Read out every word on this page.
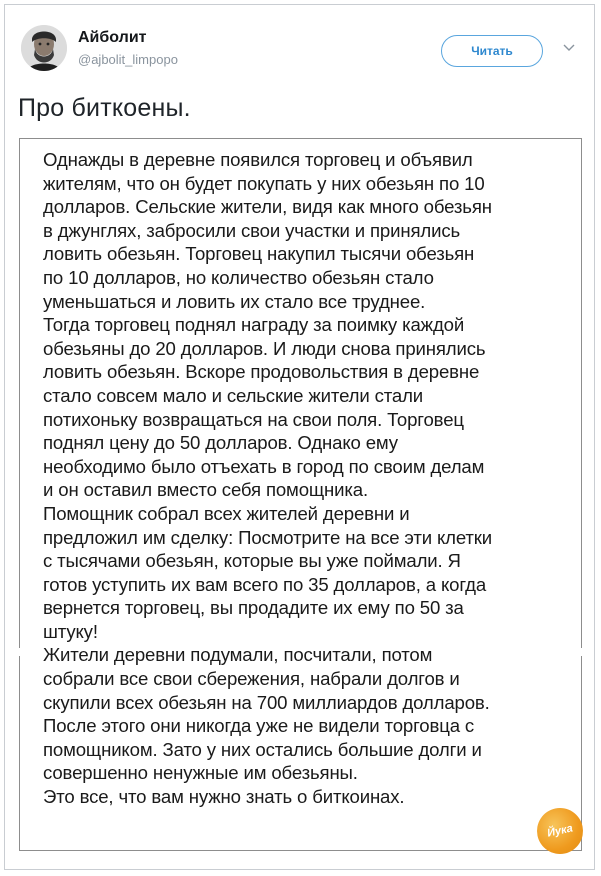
Айболит
@ajbolit_limpopo
Читать
Про биткоены.
Однажды в деревне появился торговец и объявил
жителям, что он будет покупать у них обезьян по 10
долларов. Сельские жители, видя как много обезьян
в джунглях, забросили свои участки и принялись
ловить обезьян. Торговец накупил тысячи обезьян
по 10 долларов, но количество обезьян стало
уменьшаться и ловить их стало все труднее.
Тогда торговец поднял награду за поимку каждой
обезьяны до 20 долларов. И люди снова принялись
ловить обезьян. Вскоре продовольствия в деревне
стало совсем мало и сельские жители стали
потихоньку возвращаться на свои поля. Торговец
поднял цену до 50 долларов. Однако ему
необходимо было отъехать в город по своим делам
и он оставил вместо себя помощника.
Помощник собрал всех жителей деревни и
предложил им сделку: Посмотрите на все эти клетки
с тысячами обезьян, которые вы уже поймали. Я
готов уступить их вам всего по 35 долларов, а когда
вернется торговец, вы продадите их ему по 50 за
штуку!
Жители деревни подумали, посчитали, потом
собрали все свои сбережения, набрали долгов и
скупили всех обезьян на 700 миллиардов долларов.
После этого они никогда уже не видели торговца с
помощником. Зато у них остались большие долги и
совершенно ненужные им обезьяны.
Это все, что вам нужно знать о биткоинах.
Йука
